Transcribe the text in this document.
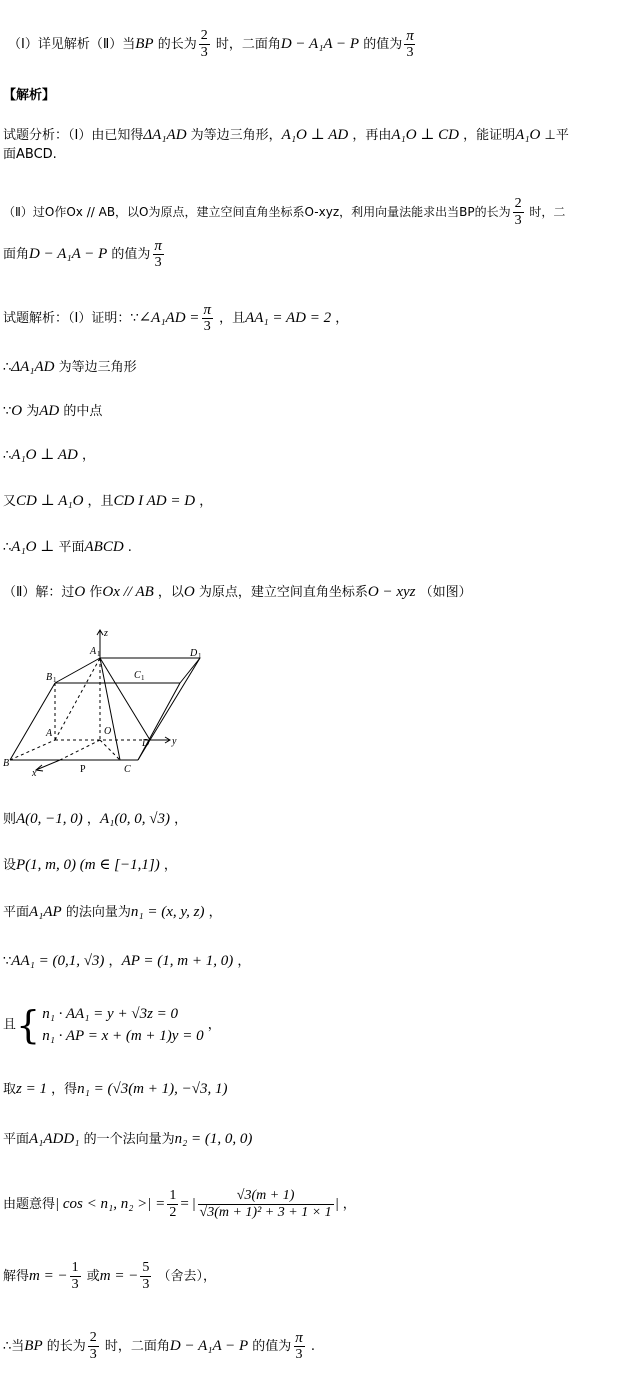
（Ⅰ）详见解析（Ⅱ）当BP 的长为 $\frac{2}{3}$ 时，二面角D − A₁A − P 的值为 $\frac{\pi}{3}$
【解析】
试题分析：（Ⅰ）由已知得ΔA₁AD 为等边三角形，A₁O ⊥ AD ，再由A₁O ⊥ CD ，能证明A₁O ⊥平
面ABCD.
（Ⅱ）过O作Ox // AB，以O为原点，建立空间直角坐标系O-xyz，利用向量法能求出当BP的长为 $\frac{2}{3}$ 时，二
面角D − A₁A − P 的值为 $\frac{\pi}{3}$
试题解析：（Ⅰ）证明：∵∠A₁AD = $\frac{\pi}{3}$ ，且AA₁ = AD = 2 ，
∴ΔA₁AD 为等边三角形
∵O 为AD 的中点
∴A₁O ⊥ AD ，
又CD ⊥ A₁O ，且CD I AD = D ，
∴A₁O ⊥ 平面ABCD .
（Ⅱ）解：过O 作Ox // AB ，以O 为原点，建立空间直角坐标系O − xyz （如图）
z
y
x
A 1	D 1
B 1	C 1
A	O
D
B
P	C
则A(0, −1, 0) ，A₁(0, 0, √3) ，
设P(1, m, 0) (m ∈ [−1,1]) ，
平面A₁AP 的法向量为n₁ = (x, y, z) ，
∵AA₁ = (0,1, √3) ，AP = (1, m + 1, 0) ，
且 { n₁ · AA₁ = y + √3z = 0
n₁ · AP = x + (m + 1)y = 0
，
取z = 1 ，得n₁ = (√3(m + 1), −√3, 1)
平面A₁ADD₁ 的一个法向量为n₂ = (1, 0, 0)
由题意得| cos < n₁, n₂ >| = $\frac{1}{2}$ = | $\frac{√3(m + 1)}{\text{√3(m + 1)² + 3 + 1 × 1}}$ | ，
解得m = − $\frac{1}{3}$ 或m = − $\frac{5}{3}$ （舍去），
∴当BP 的长为 $\frac{2}{3}$ 时，二面角D − A₁A − P 的值为 $\frac{\pi}{3}$ .
